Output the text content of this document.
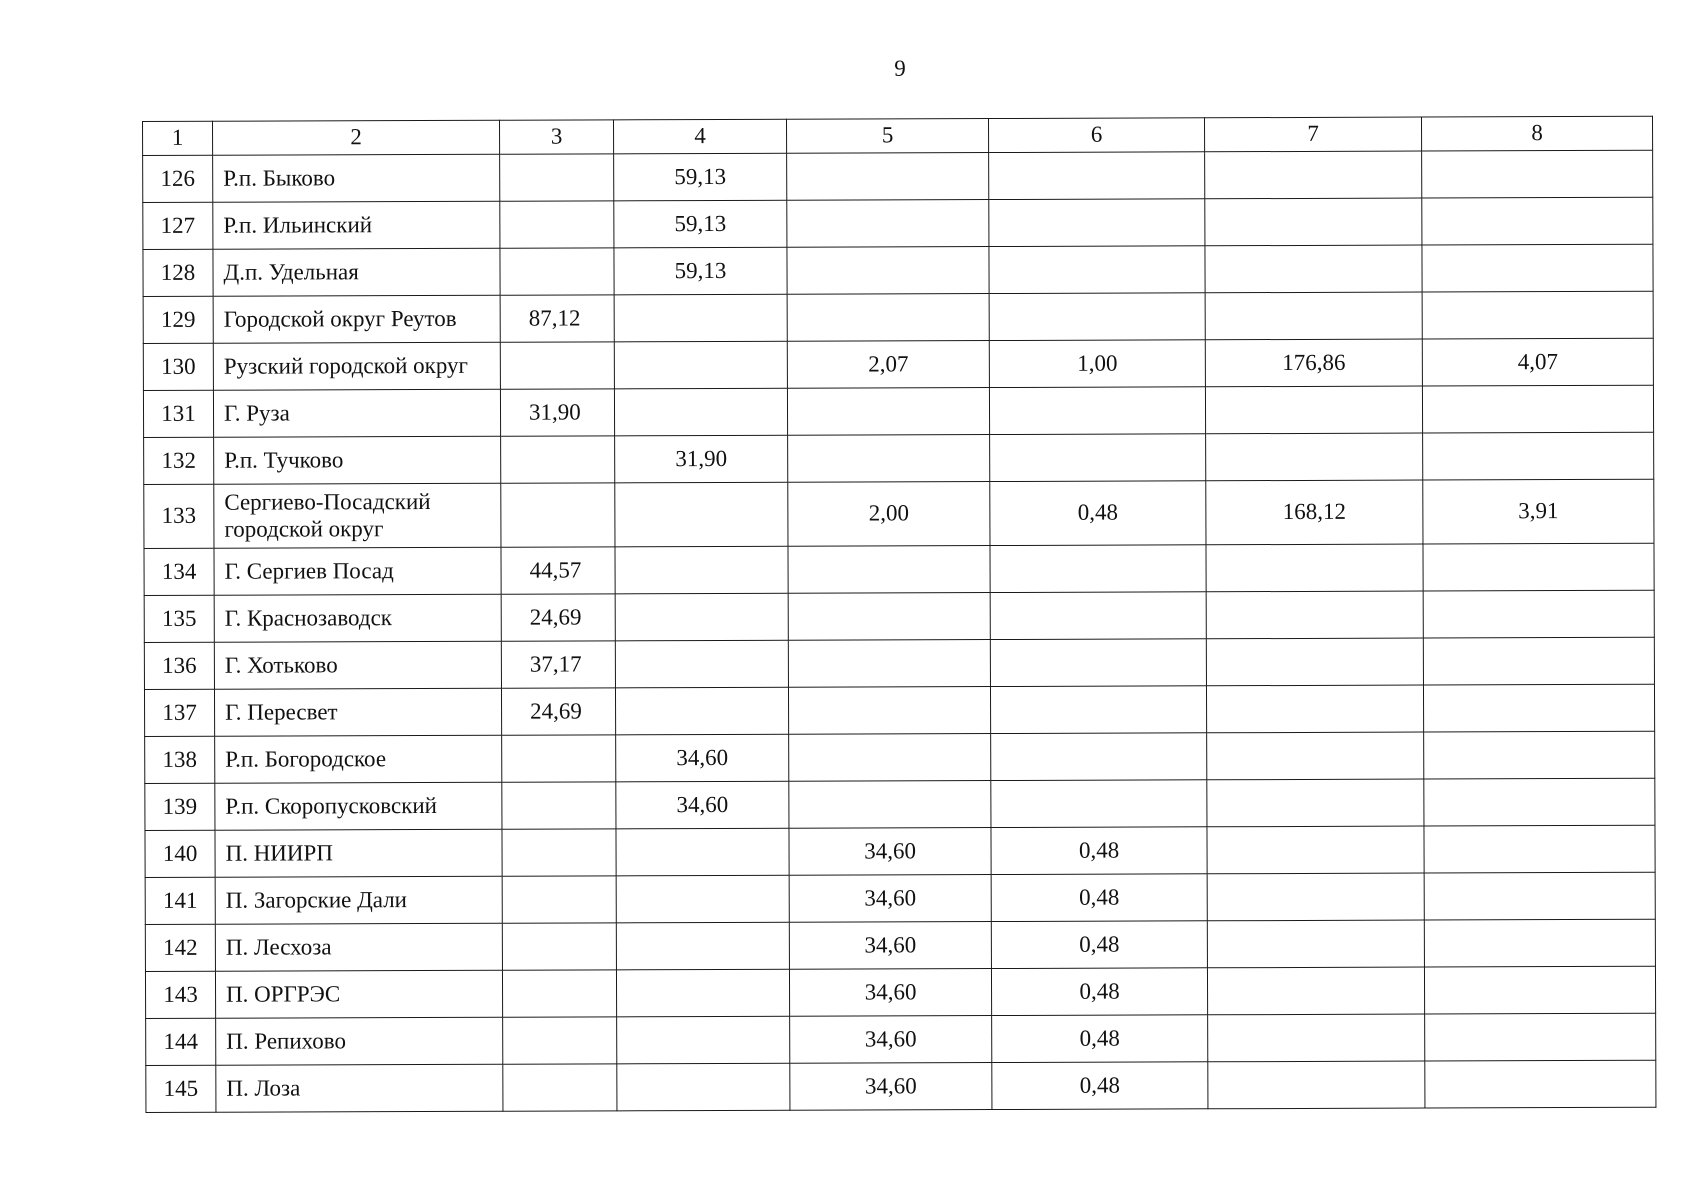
9
1	2	3	4	5	6	7	8
126	Р.п. Быково		59,13				
127	Р.п. Ильинский		59,13				
128	Д.п. Удельная		59,13				
129	Городской округ Реутов	87,12					
130	Рузский городской округ			2,07	1,00	176,86	4,07
131	Г. Руза	31,90					
132	Р.п. Тучково		31,90				
133	Сергиево-Посадский городской округ			2,00	0,48	168,12	3,91
134	Г. Сергиев Посад	44,57					
135	Г. Краснозаводск	24,69					
136	Г. Хотьково	37,17					
137	Г. Пересвет	24,69					
138	Р.п. Богородское		34,60				
139	Р.п. Скоропусковский		34,60				
140	П. НИИРП			34,60	0,48		
141	П. Загорские Дали			34,60	0,48		
142	П. Лесхоза			34,60	0,48		
143	П. ОРГРЭС			34,60	0,48		
144	П. Репихово			34,60	0,48		
145	П. Лоза			34,60	0,48		
